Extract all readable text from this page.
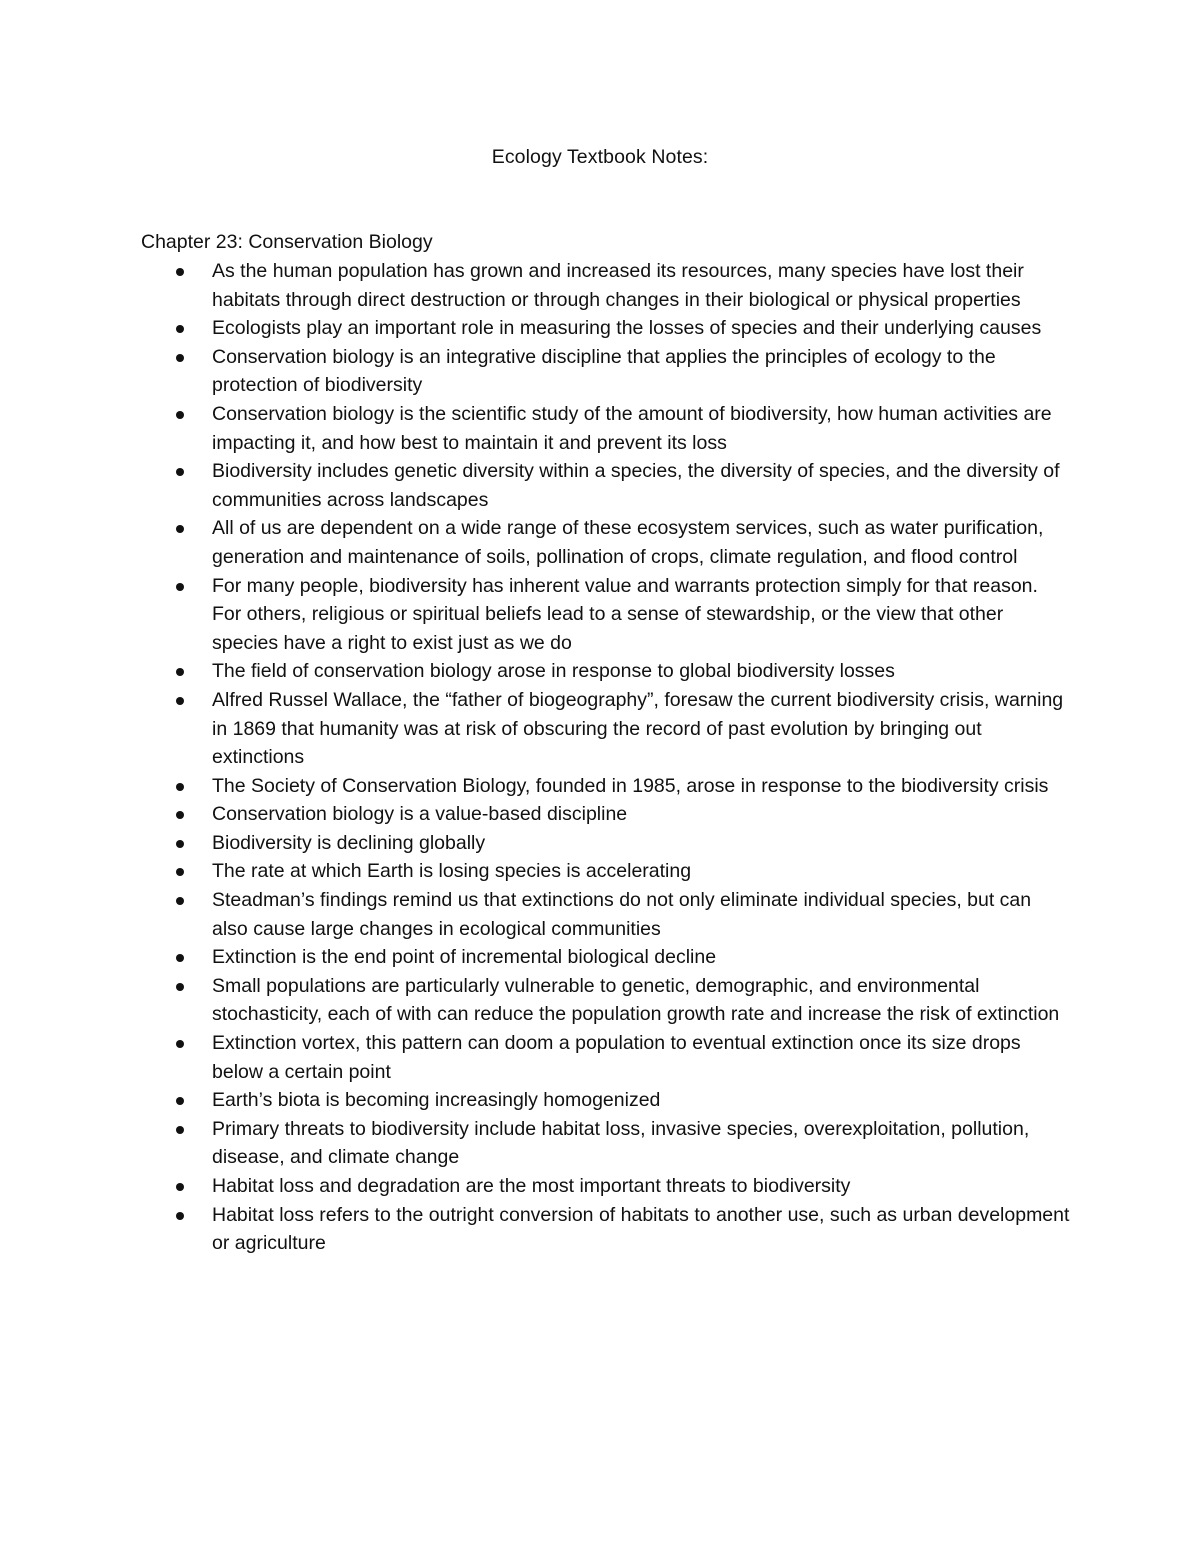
Ecology Textbook Notes:
Chapter 23: Conservation Biology
As the human population has grown and increased its resources, many species have lost their habitats through direct destruction or through changes in their biological or physical properties
Ecologists play an important role in measuring the losses of species and their underlying causes
Conservation biology is an integrative discipline that applies the principles of ecology to the protection of biodiversity
Conservation biology is the scientific study of the amount of biodiversity, how human activities are impacting it, and how best to maintain it and prevent its loss
Biodiversity includes genetic diversity within a species, the diversity of species, and the diversity of communities across landscapes
All of us are dependent on a wide range of these ecosystem services, such as water purification, generation and maintenance of soils, pollination of crops, climate regulation, and flood control
For many people, biodiversity has inherent value and warrants protection simply for that reason. For others, religious or spiritual beliefs lead to a sense of stewardship, or the view that other species have a right to exist just as we do
The field of conservation biology arose in response to global biodiversity losses
Alfred Russel Wallace, the “father of biogeography”, foresaw the current biodiversity crisis, warning in 1869 that humanity was at risk of obscuring the record of past evolution by bringing out extinctions
The Society of Conservation Biology, founded in 1985, arose in response to the biodiversity crisis
Conservation biology is a value-based discipline
Biodiversity is declining globally
The rate at which Earth is losing species is accelerating
Steadman’s findings remind us that extinctions do not only eliminate individual species, but can also cause large changes in ecological communities
Extinction is the end point of incremental biological decline
Small populations are particularly vulnerable to genetic, demographic, and environmental stochasticity, each of with can reduce the population growth rate and increase the risk of extinction
Extinction vortex, this pattern can doom a population to eventual extinction once its size drops below a certain point
Earth’s biota is becoming increasingly homogenized
Primary threats to biodiversity include habitat loss, invasive species, overexploitation, pollution, disease, and climate change
Habitat loss and degradation are the most important threats to biodiversity
Habitat loss refers to the outright conversion of habitats to another use, such as urban development or agriculture
